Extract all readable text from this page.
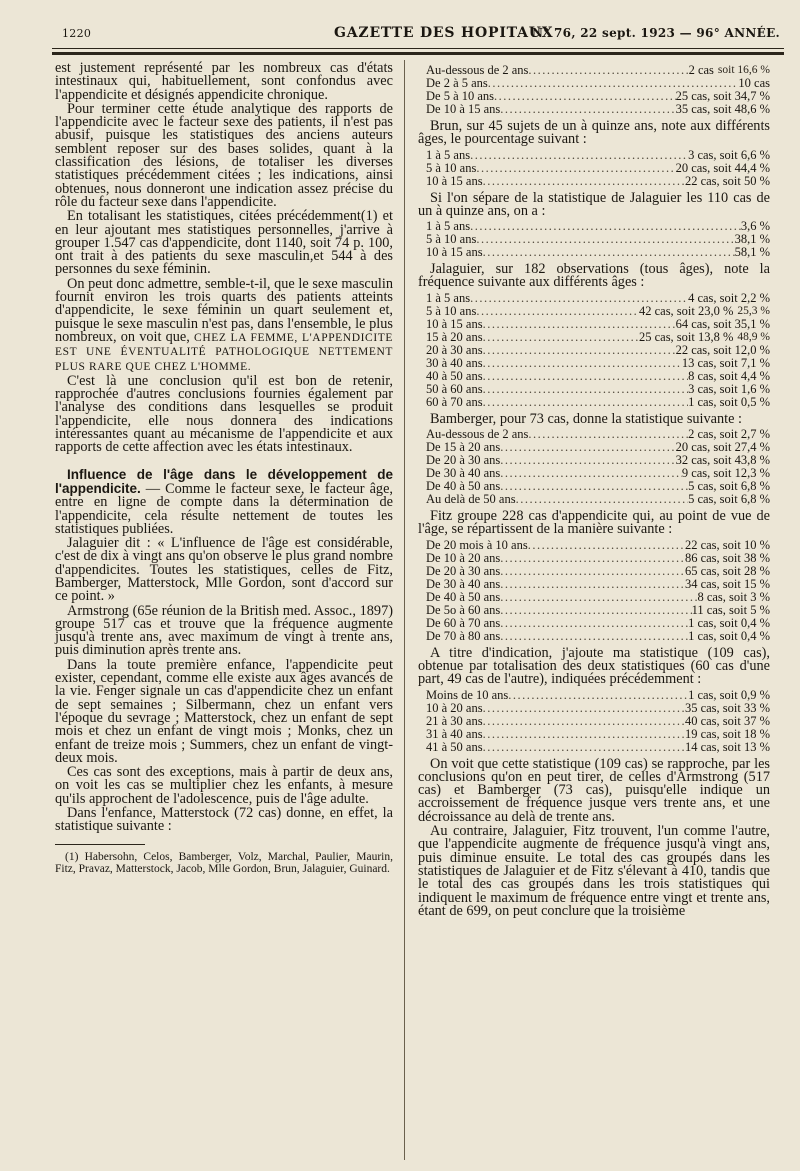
1220	GAZETTE DES HOPITAUX
N° 76, 22 sept. 1923 — 96° ANNÉE.

est justement représenté par les nombreux cas d'états intestinaux qui, habituellement, sont confondus avec l'appendicite et désignés appendicite chronique.

Pour terminer cette étude analytique des rapports de l'appendicite avec le facteur sexe des patients, il n'est pas abusif, puisque les statistiques des anciens auteurs semblent reposer sur des bases solides, quant à la classification des lésions, de totaliser les diverses statistiques précédemment citées ; les indications, ainsi obtenues, nous donneront une indication assez précise du rôle du facteur sexe dans l'appendicite.

En totalisant les statistiques, citées précédemment(1) et en leur ajoutant mes statistiques personnelles, j'arrive à grouper 1.547 cas d'appendicite, dont 1140, soit 74 p. 100, ont trait à des patients du sexe masculin,et 544 à des personnes du sexe féminin.

On peut donc admettre, semble-t-il, que le sexe masculin fournit environ les trois quarts des patients atteints d'appendicite, le sexe féminin un quart seulement et, puisque le sexe masculin n'est pas, dans l'ensemble, le plus nombreux, on voit que, CHEZ LA FEMME, L'APPENDICITE EST UNE ÉVENTUALITÉ PATHOLOGIQUE NETTEMENT PLUS RARE QUE CHEZ L'HOMME.

C'est là une conclusion qu'il est bon de retenir, rapprochée d'autres conclusions fournies également par l'analyse des conditions dans lesquelles se produit l'appendicite, elle nous donnera des indications intéressantes quant au mécanisme de l'appendicite et aux rapports de cette affection avec les états intestinaux.

Influence de l'âge dans le développement de l'appendicite. — Comme le facteur sexe, le facteur âge, entre en ligne de compte dans la détermination de l'appendicite, cela résulte nettement de toutes les statistiques publiées.

Jalaguier dit : « L'influence de l'âge est considérable, c'est de dix à vingt ans qu'on observe le plus grand nombre d'appendicites. Toutes les statistiques, celles de Fitz, Bamberger, Matterstock, Mlle Gordon, sont d'accord sur ce point. »

Armstrong (65e réunion de la British med. Assoc., 1897) groupe 517 cas et trouve que la fréquence augmente jusqu'à trente ans, avec maximum de vingt à trente ans, puis diminution après trente ans.

Dans la toute première enfance, l'appendicite peut exister, cependant, comme elle existe aux âges avancés de la vie. Fenger signale un cas d'appendicite chez un enfant de sept semaines ; Silbermann, chez un enfant vers l'époque du sevrage ; Matterstock, chez un enfant de sept mois et chez un enfant de vingt mois ; Monks, chez un enfant de treize mois ; Summers, chez un enfant de vingt-deux mois.

Ces cas sont des exceptions, mais à partir de deux ans, on voit les cas se multiplier chez les enfants, à mesure qu'ils approchent de l'adolescence, puis de l'âge adulte.

Dans l'enfance, Matterstock (72 cas) donne, en effet, la statistique suivante :

(1) Habersohn, Celos, Bamberger, Volz, Marchal, Paulier, Maurin, Fitz, Pravaz, Matterstock, Jacob, Mlle Gordon, Brun, Jalaguier, Guinard.

Au-dessous de 2 ans .....	2 cas soit 16,6 %
De 2 à 5 ans .....	10 cas
De 5 à 10 ans .....	25 cas, soit 34,7 %
De 10 à 15 ans .....	35 cas, soit 48,6 %

Brun, sur 45 sujets de un à quinze ans, note aux différents âges, le pourcentage suivant :

1 à 5 ans .....	3 cas, soit 6,6 %
5 à 10 ans .....	20 cas, soit 44,4 %
10 à 15 ans .....	22 cas, soit 50 %

Si l'on sépare de la statistique de Jalaguier les 110 cas de un à quinze ans, on a :

1 à 5 ans .....	3,6 %
5 à 10 ans .....	38,1 %
10 à 15 ans .....	58,1 %

Jalaguier, sur 182 observations (tous âges), note la fréquence suivante aux différents âges :

1 à 5 ans .....	4 cas, soit 2,2 %
5 à 10 ans .....	42 cas, soit 23,0 % 25,3 %
10 à 15 ans .....	64 cas, soit 35,1 %
15 à 20 ans .....	25 cas, soit 13,8 % 48,9 %
20 à 30 ans .....	22 cas, soit 12,0 %
30 à 40 ans .....	13 cas, soit 7,1 %
40 à 50 ans .....	8 cas, soit 4,4 %
50 à 60 ans .....	3 cas, soit 1,6 %
60 à 70 ans .....	1 cas, soit 0,5 %

Bamberger, pour 73 cas, donne la statistique suivante :

Au-dessous de 2 ans .....	2 cas, soit 2,7 %
De 15 à 20 ans .....	20 cas, soit 27,4 %
De 20 à 30 ans .....	32 cas, soit 43,8 %
De 30 à 40 ans .....	9 cas, soit 12,3 %
De 40 à 50 ans .....	5 cas, soit 6,8 %
Au delà de 50 ans .....	5 cas, soit 6,8 %

Fitz groupe 228 cas d'appendicite qui, au point de vue de l'âge, se répartissent de la manière suivante :

De 20 mois à 10 ans .....	22 cas, soit 10 %
De 10 à 20 ans .....	86 cas, soit 38 %
De 20 à 30 ans .....	65 cas, soit 28 %
De 30 à 40 ans .....	34 cas, soit 15 %
De 40 à 50 ans .....	8 cas, soit 3 %
De 5o à 60 ans .....	11 cas, soit 5 %
De 60 à 70 ans .....	1 cas, soit 0,4 %
De 70 à 80 ans .....	1 cas, soit 0,4 %

A titre d'indication, j'ajoute ma statistique (109 cas), obtenue par totalisation des deux statistiques (60 cas d'une part, 49 cas de l'autre), indiquées précédemment :

Moins de 10 ans .....	1 cas, soit 0,9 %
10 à 20 ans .....	35 cas, soit 33 %
21 à 30 ans .....	40 cas, soit 37 %
31 à 40 ans .....	19 cas, soit 18 %
41 à 50 ans .....	14 cas, soit 13 %

On voit que cette statistique (109 cas) se rapproche, par les conclusions qu'on en peut tirer, de celles d'Armstrong (517 cas) et Bamberger (73 cas), puisqu'elle indique un accroissement de fréquence jusque vers trente ans, et une décroissance au delà de trente ans.

Au contraire, Jalaguier, Fitz trouvent, l'un comme l'autre, que l'appendicite augmente de fréquence jusqu'à vingt ans, puis diminue ensuite. Le total des cas groupés dans les statistiques de Jalaguier et de Fitz s'élevant à 410, tandis que le total des cas groupés dans les trois statistiques qui indiquent le maximum de fréquence entre vingt et trente ans, étant de 699, on peut conclure que la troisième
